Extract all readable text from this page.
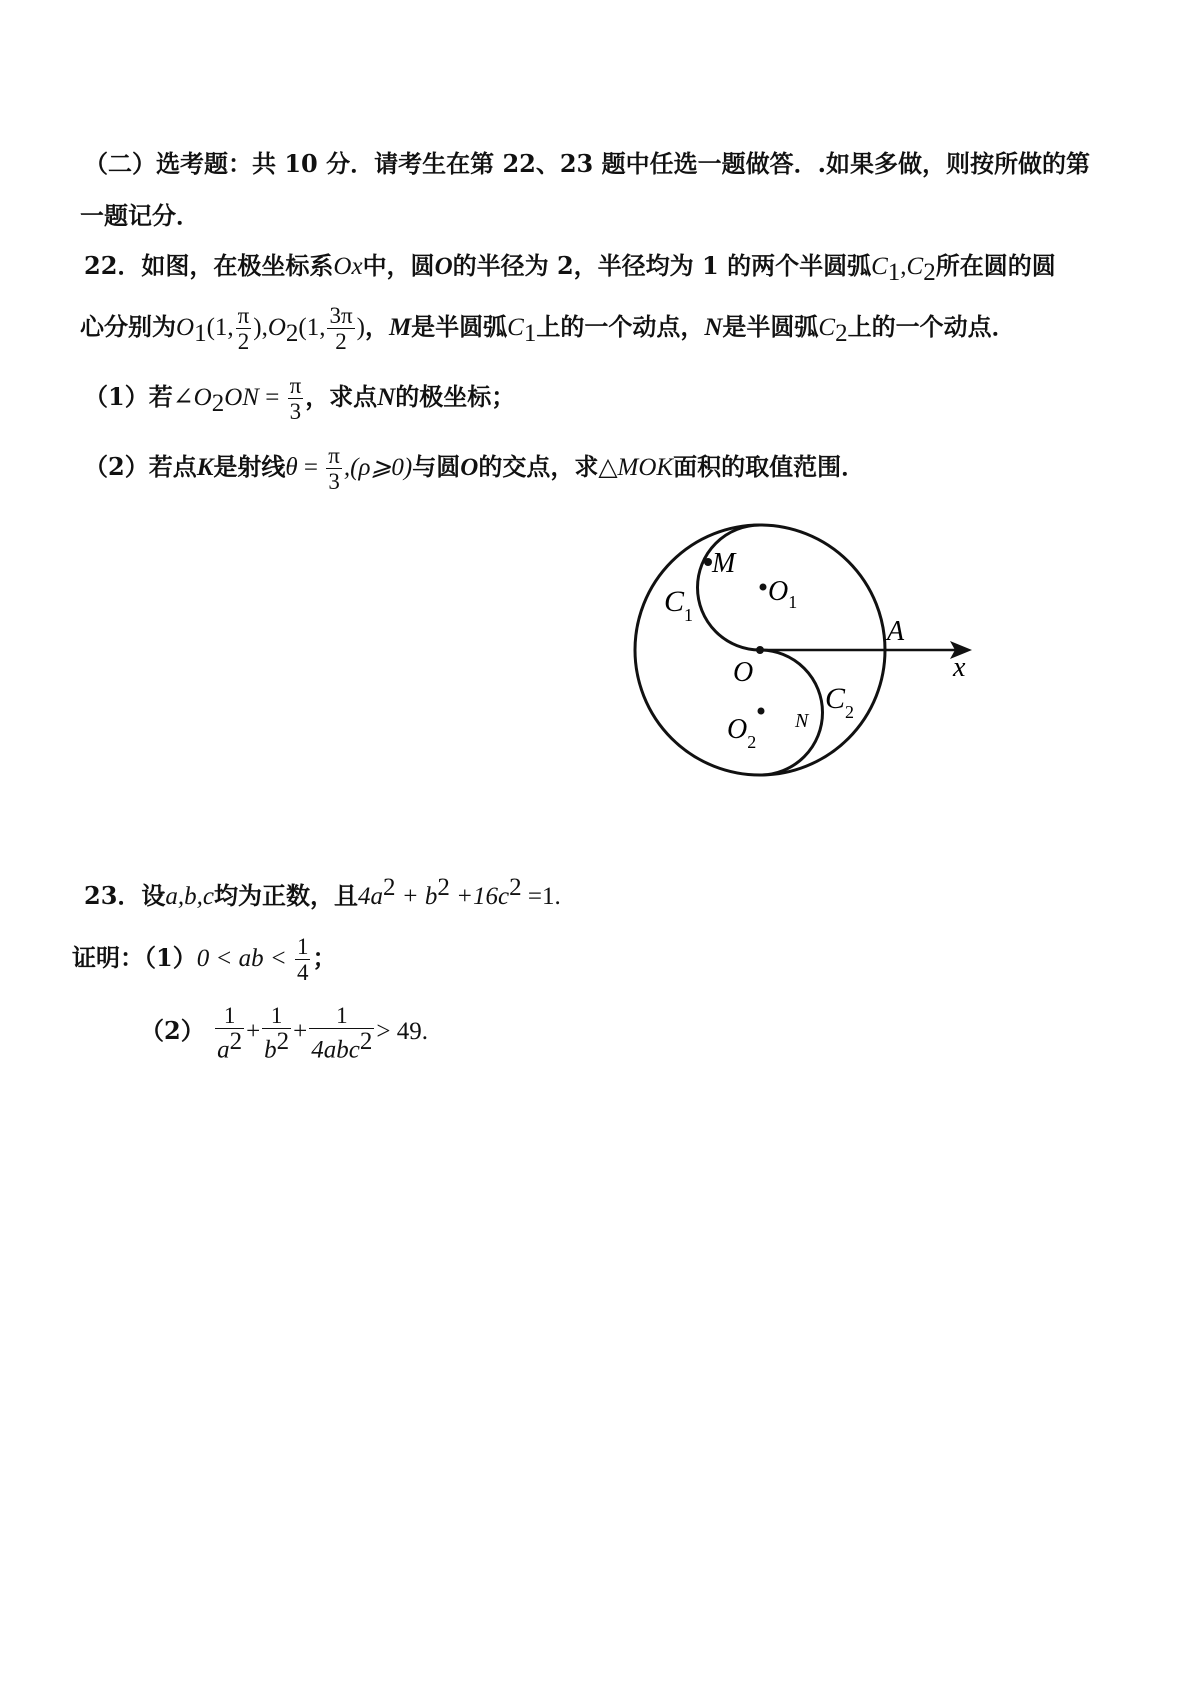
（二）选考题：共 10 分．请考生在第 22、23 题中任选一题做答．.如果多做，则按所做的第
一题记分．
22．如图，在极坐标系Ox中，圆O的半径为 2，半径均为 1 的两个半圆弧$C_1,C_2$所在圆的圆
心分别为$O_1(1$, $\frac{\pi}{2} ),O_2(1$, $\frac{3\pi}{2}$ )，M是半圆弧$C_1$上的一个动点，N是半圆弧$C_2$上的一个动点．
（1）若$\angle O_2ON = \frac{\pi}{3}$ ，求点N的极坐标；
（2）若点K是射线$\theta = \frac{\pi}{3}$ ,(ρ⩾0)与圆O的交点，求△MOK面积的取值范围．
M
$O_1$
$C_1$
A
O	x
$O_2$
N
$C_2$
23．设a,b,c均为正数，且$4a^2 + b^2 +16c^2 =1$.
证明：（1）0 < ab < $\frac{1}{4}$ ；
$(2) \frac{1}{a^2} + \frac{1}{b^2} + \frac{1}{4abc^2} > 49$.
